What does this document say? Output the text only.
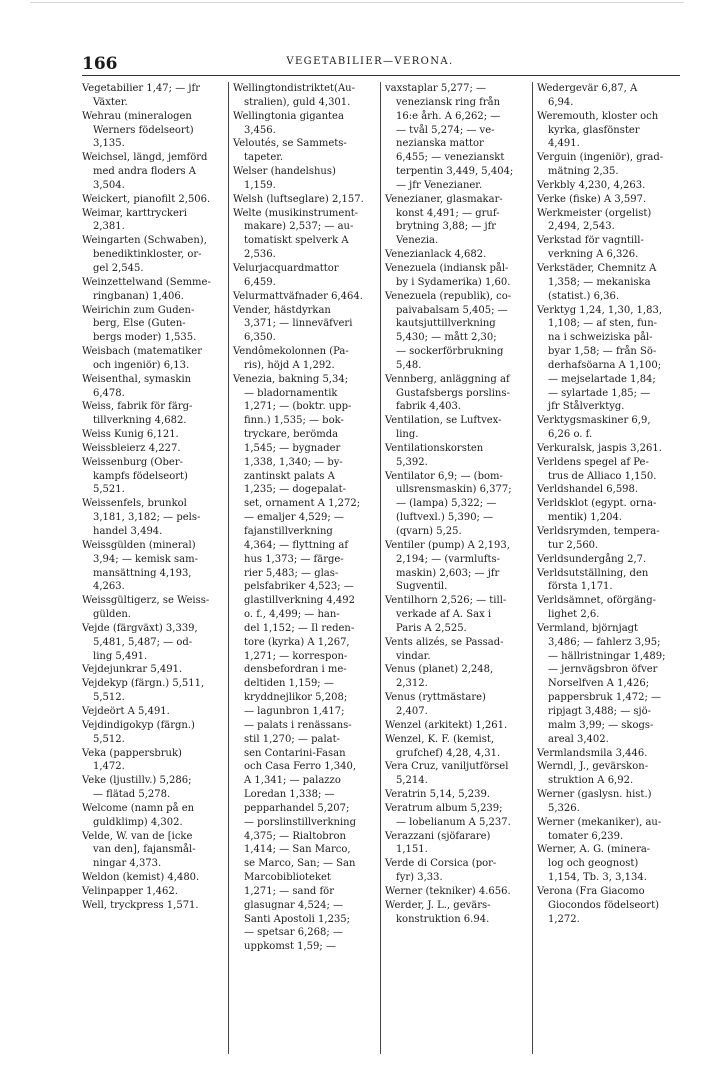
166	VEGETABILIER—VERONA.
Vegetabilier 1,47; — jfr
Växter.
Wehrau (mineralogen
Werners födelseort)
3,135.
Weichsel, längd, jemförd
med andra floders A
3,504.
Weickert, pianofilt 2,506.
Weimar, karttryckeri
2,381.
Weingarten (Schwaben),
benediktinkloster, or-
gel 2,545.
Weinzettelwand (Semme-
ringbanan) 1,406.
Weirichin zum Guden-
berg, Else (Guten-
bergs moder) 1,535.
Weisbach (matematiker
och ingeniör) 6,13.
Weisenthal, symaskin
6,478.
Weiss, fabrik för färg-
tillverkning 4,682.
Weiss Kunig 6,121.
Weissbleierz 4,227.
Weissenburg (Ober-
kampfs födelseort)
5,521.
Weissenfels, brunkol
3,181, 3,182; — pels-
handel 3,494.
Weissgülden (mineral)
3,94; — kemisk sam-
mansättning 4,193,
4,263.
Weissgültigerz, se Weiss-
gülden.
Vejde (färgväxt) 3,339,
5,481, 5,487; — od-
ling 5,491.
Vejdejunkrar 5,491.
Vejdekyp (färgn.) 5,511,
5,512.
Vejdeört A 5,491.
Vejdindigokyp (färgn.)
5,512.
Veka (pappersbruk)
1,472.
Veke (ljustillv.) 5,286;
— flätad 5,278.
Welcome (namn på en
guldklimp) 4,302.
Velde, W. van de [icke
van den], fajansmål-
ningar 4,373.
Weldon (kemist) 4,480.
Velinpapper 1,462.
Well, tryckpress 1,571.
Wellingtondistriktet(Au-
stralien), guld 4,301.
Wellingtonia gigantea
3,456.
Veloutés, se Sammets-
tapeter.
Welser (handelshus)
1,159.
Welsh (luftseglare) 2,157.
Welte (musikinstrument-
makare) 2,537; — au-
tomatiskt spelverk A
2,536.
Velurjacquardmattor
6,459.
Velurmattväfnader 6,464.
Vender, hästdyrkan
3,371; — linneväfveri
6,350.
Vendômekolonnen (Pa-
ris), höjd A 1,292.
Venezia, bakning 5,34;
— bladornamentik
1,271; — (boktr. upp-
finn.) 1,535; — bok-
tryckare, berömda
1,545; — bygnader
1,338, 1,340; — by-
zantinskt palats A
1,235; — dogepalat-
set, ornament A 1,272;
— emaljer 4,529; —
fajanstillverkning
4,364; — flyttning af
hus 1,373; — färge-
rier 5,483; — glas-
pelsfabriker 4,523; —
glastillverkning 4,492
o. f., 4,499; — han-
del 1,152; — Il reden-
tore (kyrka) A 1,267,
1,271; — korrespon-
densbefordran i me-
deltiden 1,159; —
kryddnejlikor 5,208;
— lagunbron 1,417;
— palats i renässans-
stil 1,270; — palat-
sen Contarini-Fasan
och Casa Ferro 1,340,
A 1,341; — palazzo
Loredan 1,338; —
pepparhandel 5,207;
— porslinstillverkning
4,375; — Rialtobron
1,414; — San Marco,
se Marco, San; — San
Marcobiblioteket
1,271; — sand för
glasugnar 4,524; —
Santi Apostoli 1,235;
— spetsar 6,268; —
uppkomst 1,59; —
vaxstaplar 5,277; —
veneziansk ring från
16:e årh. A 6,262; —
— tvål 5,274; — ve-
nezianska mattor
6,455; — venezianskt
terpentin 3,449, 5,404;
— jfr Venezianer.
Venezianer, glasmakar-
konst 4,491; — gruf-
brytning 3,88; — jfr
Venezia.
Venezianlack 4,682.
Venezuela (indiansk pål-
by i Sydamerika) 1,60.
Venezuela (republik), co-
paivabalsam 5,405; —
kautsjuttillverkning
5,430; — mått 2,30;
— sockerförbrukning
5,48.
Vennberg, anläggning af
Gustafsbergs porslins-
fabrik 4,403.
Ventilation, se Luftvex-
ling.
Ventilationskorsten
5,392.
Ventilator 6,9; — (bom-
ullsrensmaskin) 6,377;
— (lampa) 5,322; —
(luftvexl.) 5,390; —
(qvarn) 5,25.
Ventiler (pump) A 2,193,
2,194; — (varmlufts-
maskin) 2,603; — jfr
Sugventil.
Ventilhorn 2,526; — till-
verkade af A. Sax i
Paris A 2,525.
Vents alizés, se Passad-
vindar.
Venus (planet) 2,248,
2,312.
Venus (ryttmästare)
2,407.
Wenzel (arkitekt) 1,261.
Wenzel, K. F. (kemist,
grufchef) 4,28, 4,31.
Vera Cruz, vaniljutförsel
5,214.
Veratrin 5,14, 5,239.
Veratrum album 5,239;
— lobelianum A 5,237.
Verazzani (sjöfarare)
1,151.
Verde di Corsica (por-
fyr) 3,33.
Werner (tekniker) 4.656.
Werder, J. L., gevärs-
konstruktion 6.94.
Wedergevär 6,87, A
6,94.
Weremouth, kloster och
kyrka, glasfönster
4,491.
Verguin (ingeniör), grad-
mätning 2,35.
Verkbly 4,230, 4,263.
Verke (fiske) A 3,597.
Werkmeister (orgelist)
2,494, 2,543.
Verkstad för vagntill-
verkning A 6,326.
Verkstäder, Chemnitz A
1,358; — mekaniska
(statist.) 6,36.
Verktyg 1,24, 1,30, 1,83,
1,108; — af sten, fun-
na i schweiziska pål-
byar 1,58; — från Sö-
derhafsöarna A 1,100;
— mejselartade 1,84;
— sylartade 1,85; —
jfr Stålverktyg.
Verktygsmaskiner 6,9,
6,26 o. f.
Verkuralsk, jaspis 3,261.
Verldens spegel af Pe-
trus de Alliaco 1,150.
Verldshandel 6,598.
Verldsklot (egypt. orna-
mentik) 1,204.
Verldsrymden, tempera-
tur 2,560.
Verldsundergång 2,7.
Verldsutställning, den
första 1,171.
Verldsämnet, oförgäng-
lighet 2,6.
Vermland, björnjagt
3,486; — fahlerz 3,95;
— hällristningar 1,489;
— jernvägsbron öfver
Norselfven A 1,426;
pappersbruk 1,472; —
ripjagt 3,488; — sjö-
malm 3,99; — skogs-
areal 3,402.
Vermlandsmila 3,446.
Werndl, J., gevärskon-
struktion A 6,92.
Werner (gaslysn. hist.)
5,326.
Werner (mekaniker), au-
tomater 6,239.
Werner, A. G. (minera-
log och geognost)
1,154, Tb. 3, 3,134.
Verona (Fra Giacomo
Giocondos födelseort)
1,272.
